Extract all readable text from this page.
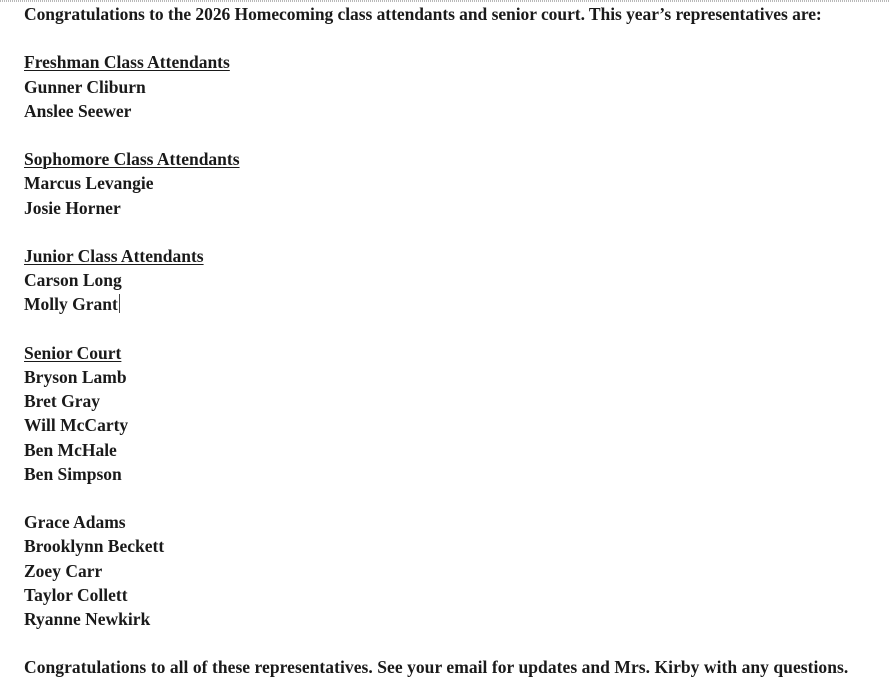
Congratulations to the 2026 Homecoming class attendants and senior court. This year’s representatives are:
Freshman Class Attendants
Gunner Cliburn
Anslee Seewer
Sophomore Class Attendants
Marcus Levangie
Josie Horner
Junior Class Attendants
Carson Long
Molly Grant
Senior Court
Bryson Lamb
Bret Gray
Will McCarty
Ben McHale
Ben Simpson
Grace Adams
Brooklynn Beckett
Zoey Carr
Taylor Collett
Ryanne Newkirk
Congratulations to all of these representatives. See your email for updates and Mrs. Kirby with any questions.
